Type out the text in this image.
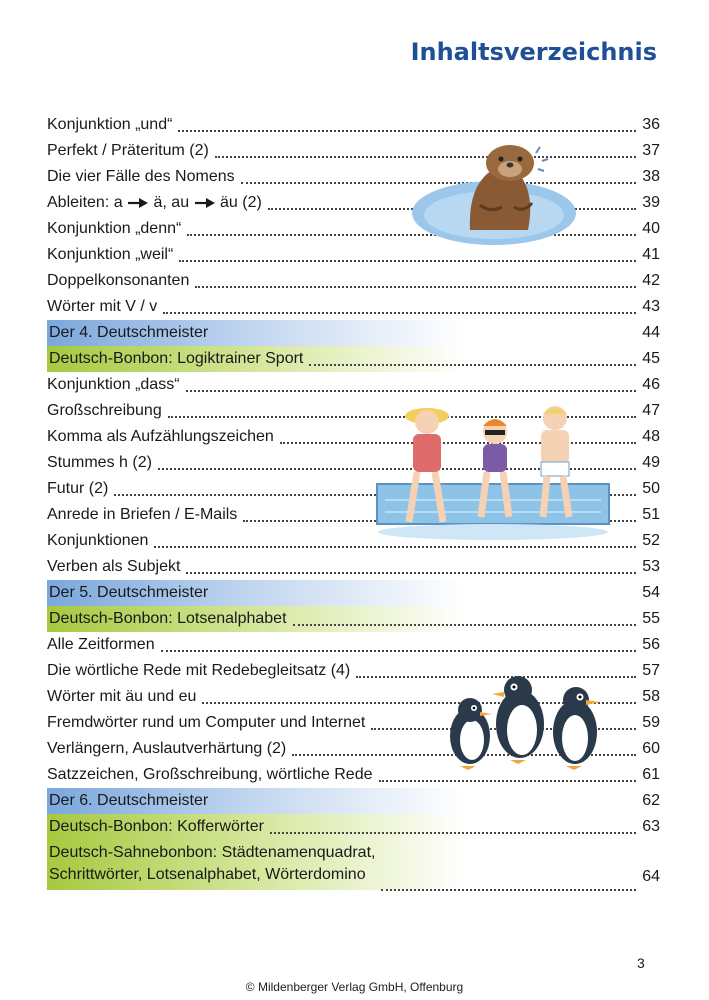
Inhaltsverzeichnis
Konjunktion „und“	36
Perfekt / Präteritum (2)	37
Die vier Fälle des Nomens	38
Ableiten: a  ä, au  äu (2)	39
Konjunktion „denn“	40
Konjunktion „weil“	41
Doppelkonsonanten	42
Wörter mit V / v	43
Der 4. Deutschmeister	44
Deutsch-Bonbon: Logiktrainer Sport	45
Konjunktion „dass“	46
Großschreibung	47
Komma als Aufzählungszeichen	48
Stummes h (2)	49
Futur (2)	50
Anrede in Briefen / E-Mails	51
Konjunktionen	52
Verben als Subjekt	53
Der 5. Deutschmeister	54
Deutsch-Bonbon: Lotsenalphabet	55
Alle Zeitformen	56
Die wörtliche Rede mit Redebegleitsatz (4)	57
Wörter mit äu und eu	58
Fremdwörter rund um Computer und Internet	59
Verlängern, Auslautverhärtung (2)	60
Satzzeichen, Großschreibung, wörtliche Rede	61
Der 6. Deutschmeister	62
Deutsch-Bonbon: Kofferwörter	63
Deutsch-Sahnebonbon: Städtenamenquadrat,
Schrittwörter, Lotsenalphabet, Wörterdomino	64
3
© Mildenberger Verlag GmbH, Offenburg
